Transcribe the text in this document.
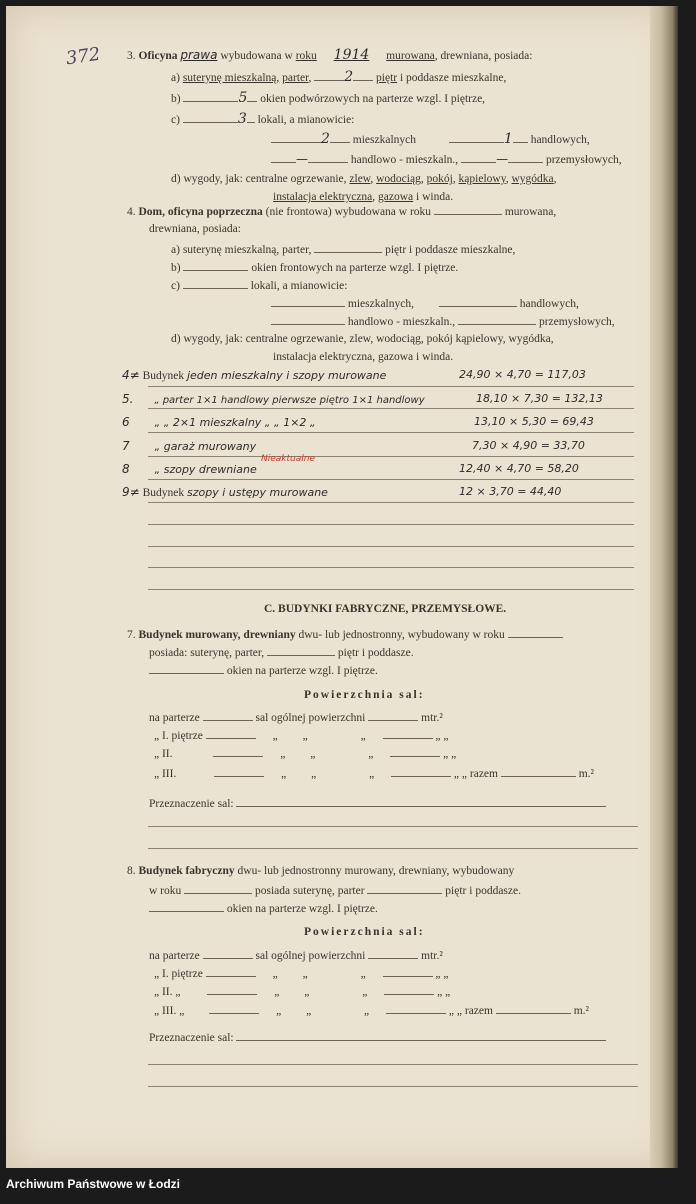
372 3. Oficyna prawa wybudowana w roku 1914 murowana, drewniana, posiada:
a) suterynę mieszkalną, parter, 2 piętr i poddasze mieszkalne,
b)	5 okien podwórzowych na parterze wzgl. I piętrze,
c)	3 lokali, a mianowicie:
2 mieszkalnych	1 handlowych,
—	handlowo - mieszkaln.,	—	przemysłowych,
d) wygody, jak: centralne ogrzewanie, zlew, wodociąg, pokój, kąpielowy, wygódka,
instalacja elektryczna, gazowa i winda.
4. Dom, oficyna poprzeczna (nie frontowa) wybudowana w roku	murowana,
drewniana, posiada:
a) suterynę mieszkalną, parter,	piętr i poddasze mieszkalne,
b)	okien frontowych na parterze wzgl. I piętrze.
c)	lokali, a mianowicie:
mieszkalnych,	handlowych,
handlowo - mieszkaln.,	przemysłowych,
d) wygody, jak: centralne ogrzewanie, zlew, wodociąg, pokój kąpielowy, wygódka,
instalacja elektryczna, gazowa i winda.
4≠ Budynek jeden mieszkalny i szopy murowane	24,90 × 4,70 = 117,03
5. „ parter 1×1 handlowy pierwsze piętro 1×1 handlowy	18,10 × 7,30 = 132,13
6 „ „ 2×1 mieszkalny „ „ 1×2 „	13,10 × 5,30 = 69,43
7 „ garaż murowany	7,30 × 4,90 = 33,70
Nieaktualne
8 „ szopy drewniane	12,40 × 4,70 = 58,20
9≠ Budynek szopy i ustępy murowane	12 × 3,70 = 44,40
C. BUDYNKI FABRYCZNE, PRZEMYSŁOWE.
7. Budynek murowany, drewniany dwu- lub jednostronny, wybudowany w roku
posiada: suterynę, parter,	piętr i poddasze.
okien na parterze wzgl. I piętrze.
Powierzchnia sal:
na parterze	sal ogólnej powierzchni	mtr.²
„ I. piętrze	„ „	„	„ „
„ II.	„ „	„	„ „
„ III.	„ „	„	„ „ razem	m.²
Przeznaczenie sal:
8. Budynek fabryczny dwu- lub jednostronny murowany, drewniany, wybudowany
w roku	posiada suterynę, parter	piętr i poddasze.
okien na parterze wzgl. I piętrze.
Powierzchnia sal:
na parterze	sal ogólnej powierzchni	mtr.²
„ I. piętrze	„ „	„	„ „
„ II. „	„ „	„	„ „
„ III. „	„ „	„	„ „ razem	m.²
Przeznaczenie sal:
Archiwum Państwowe w Łodzi
